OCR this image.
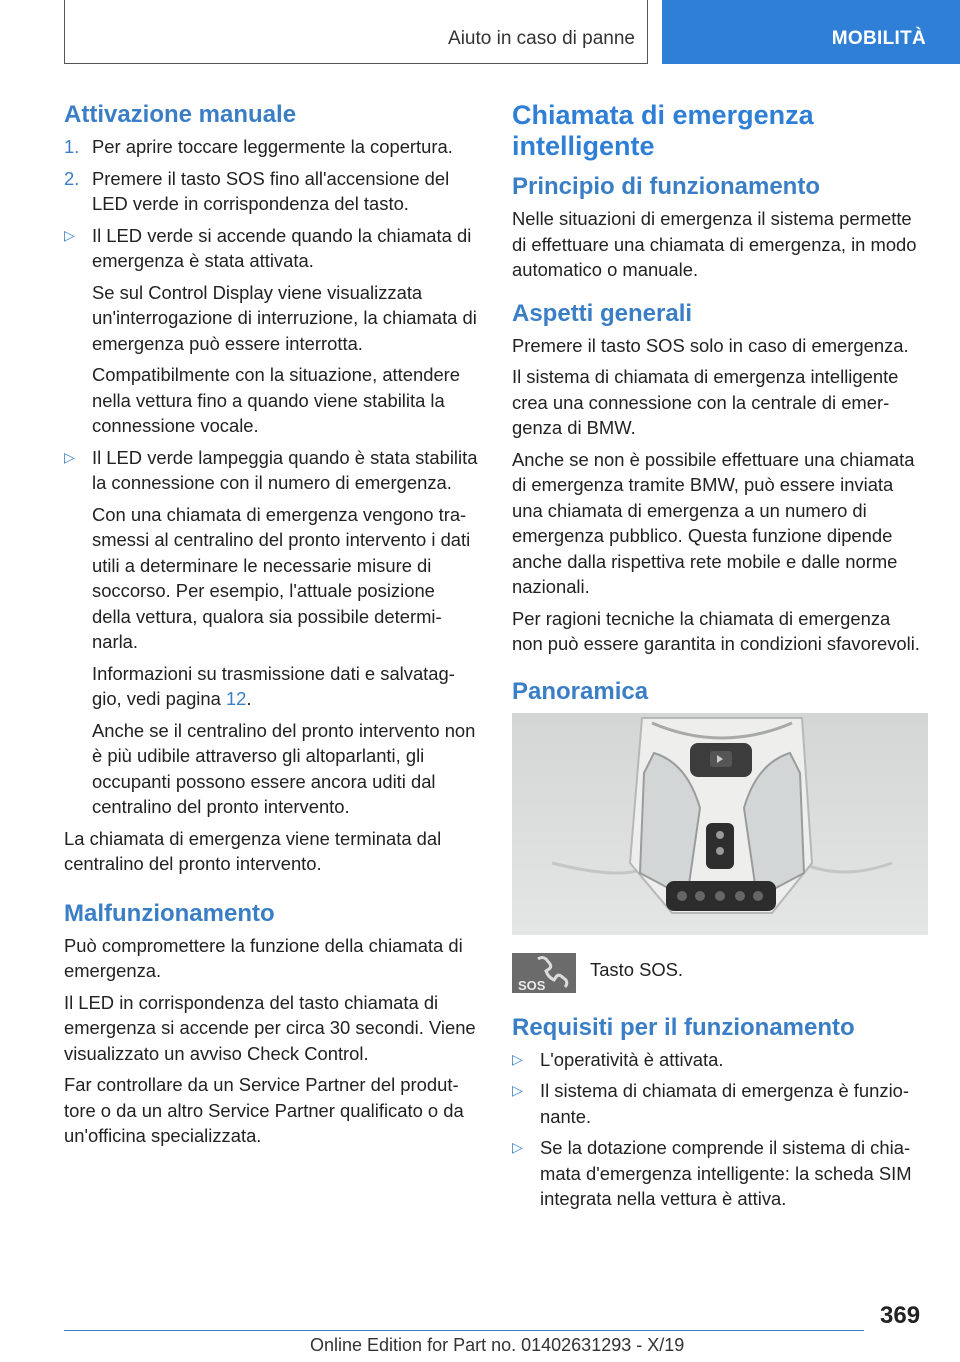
Aiuto in caso di panne	MOBILITÀ
Attivazione manuale
1. Per aprire toccare leggermente la copertura.
2. Premere il tasto SOS fino all'accensione del LED verde in corrispondenza del tasto.
▷ Il LED verde si accende quando la chiamata di emergenza è stata attivata.
Se sul Control Display viene visualizzata un'interrogazione di interruzione, la chiamata di emergenza può essere interrotta.
Compatibilmente con la situazione, attendere nella vettura fino a quando viene stabilita la connessione vocale.
▷ Il LED verde lampeggia quando è stata stabilita la connessione con il numero di emergenza.
Con una chiamata di emergenza vengono trasmessi al centralino del pronto intervento i dati utili a determinare le necessarie misure di soccorso. Per esempio, l'attuale posizione della vettura, qualora sia possibile determinarla.
Informazioni su trasmissione dati e salvataggio, vedi pagina 12.
Anche se il centralino del pronto intervento non è più udibile attraverso gli altoparlanti, gli occupanti possono essere ancora uditi dal centralino del pronto intervento.

La chiamata di emergenza viene terminata dal centralino del pronto intervento.

Malfunzionamento

Può compromettere la funzione della chiamata di emergenza.

Il LED in corrispondenza del tasto chiamata di emergenza si accende per circa 30 secondi. Viene visualizzato un avviso Check Control.

Far controllare da un Service Partner del produttore o da un altro Service Partner qualificato o da un'officina specializzata.

Chiamata di emergenza intelligente
Principio di funzionamento

Nelle situazioni di emergenza il sistema permette di effettuare una chiamata di emergenza, in modo automatico o manuale.

Aspetti generali

Premere il tasto SOS solo in caso di emergenza.

Il sistema di chiamata di emergenza intelligente crea una connessione con la centrale di emergenza di BMW.

Anche se non è possibile effettuare una chiamata di emergenza tramite BMW, può essere inviata una chiamata di emergenza a un numero di emergenza pubblico. Questa funzione dipende anche dalla rispettiva rete mobile e dalle norme nazionali.

Per ragioni tecniche la chiamata di emergenza non può essere garantita in condizioni sfavorevoli.

Panoramica
SOS

Tasto SOS.

Requisiti per il funzionamento
▷ L'operatività è attivata.
▷ Il sistema di chiamata di emergenza è funzionante.
▷ Se la dotazione comprende il sistema di chiamata d'emergenza intelligente: la scheda SIM integrata nella vettura è attiva.
369
Online Edition for Part no. 01402631293 - X/19
